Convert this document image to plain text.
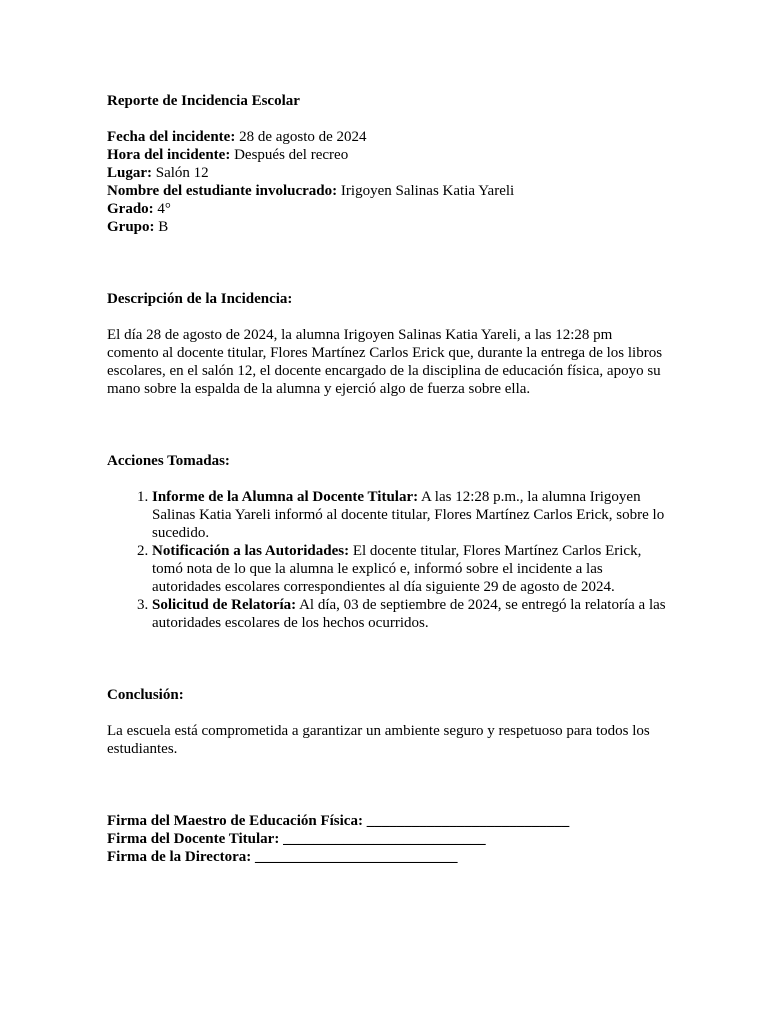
Reporte de Incidencia Escolar

Fecha del incidente: 28 de agosto de 2024
Hora del incidente: Después del recreo
Lugar: Salón 12
Nombre del estudiante involucrado: Irigoyen Salinas Katia Yareli
Grado: 4°
Grupo: B

Descripción de la Incidencia:

El día 28 de agosto de 2024, la alumna Irigoyen Salinas Katia Yareli, a las 12:28 pm comento al docente titular, Flores Martínez Carlos Erick que, durante la entrega de los libros escolares, en el salón 12, el docente encargado de la disciplina de educación física, apoyo su mano sobre la espalda de la alumna y ejerció algo de fuerza sobre ella.

Acciones Tomadas:

1. Informe de la Alumna al Docente Titular: A las 12:28 p.m., la alumna Irigoyen Salinas Katia Yareli informó al docente titular, Flores Martínez Carlos Erick, sobre lo sucedido.
2. Notificación a las Autoridades: El docente titular, Flores Martínez Carlos Erick, tomó nota de lo que la alumna le explicó e, informó sobre el incidente a las autoridades escolares correspondientes al día siguiente 29 de agosto de 2024.
3. Solicitud de Relatoría: Al día, 03 de septiembre de 2024, se entregó la relatoría a las autoridades escolares de los hechos ocurridos.

Conclusión:

La escuela está comprometida a garantizar un ambiente seguro y respetuoso para todos los estudiantes.

Firma del Maestro de Educación Física: ___________________________
Firma del Docente Titular: ___________________________
Firma de la Directora: ___________________________
